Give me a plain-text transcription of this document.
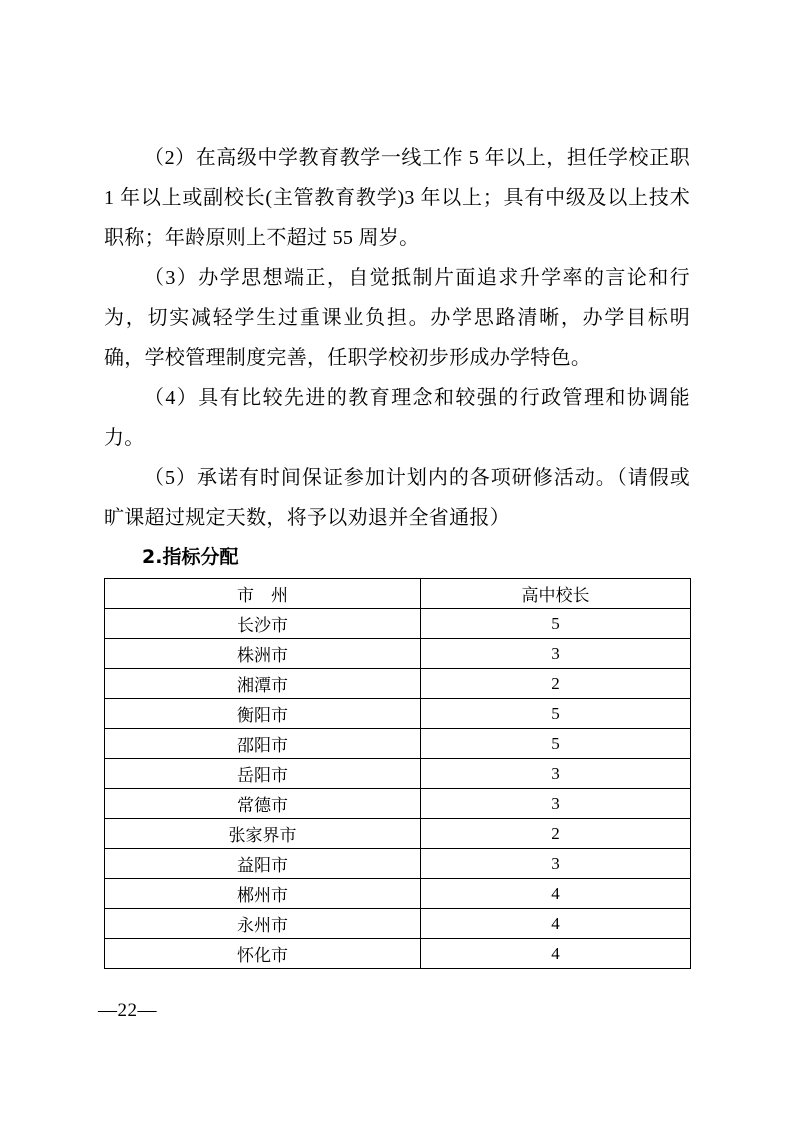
（2）在高级中学教育教学一线工作 5 年以上，担任学校正职 1 年以上或副校长(主管教育教学)3 年以上；具有中级及以上技术职称；年龄原则上不超过 55 周岁。

（3）办学思想端正，自觉抵制片面追求升学率的言论和行为，切实减轻学生过重课业负担。办学思路清晰，办学目标明确，学校管理制度完善，任职学校初步形成办学特色。

（4）具有比较先进的教育理念和较强的行政管理和协调能力。

（5）承诺有时间保证参加计划内的各项研修活动。（请假或旷课超过规定天数，将予以劝退并全省通报）

2.指标分配
市　州	高中校长
长沙市	5
株洲市	3
湘潭市	2
衡阳市	5
邵阳市	5
岳阳市	3
常德市	3
张家界市	2
益阳市	3
郴州市	4
永州市	4
怀化市	4
—22—
